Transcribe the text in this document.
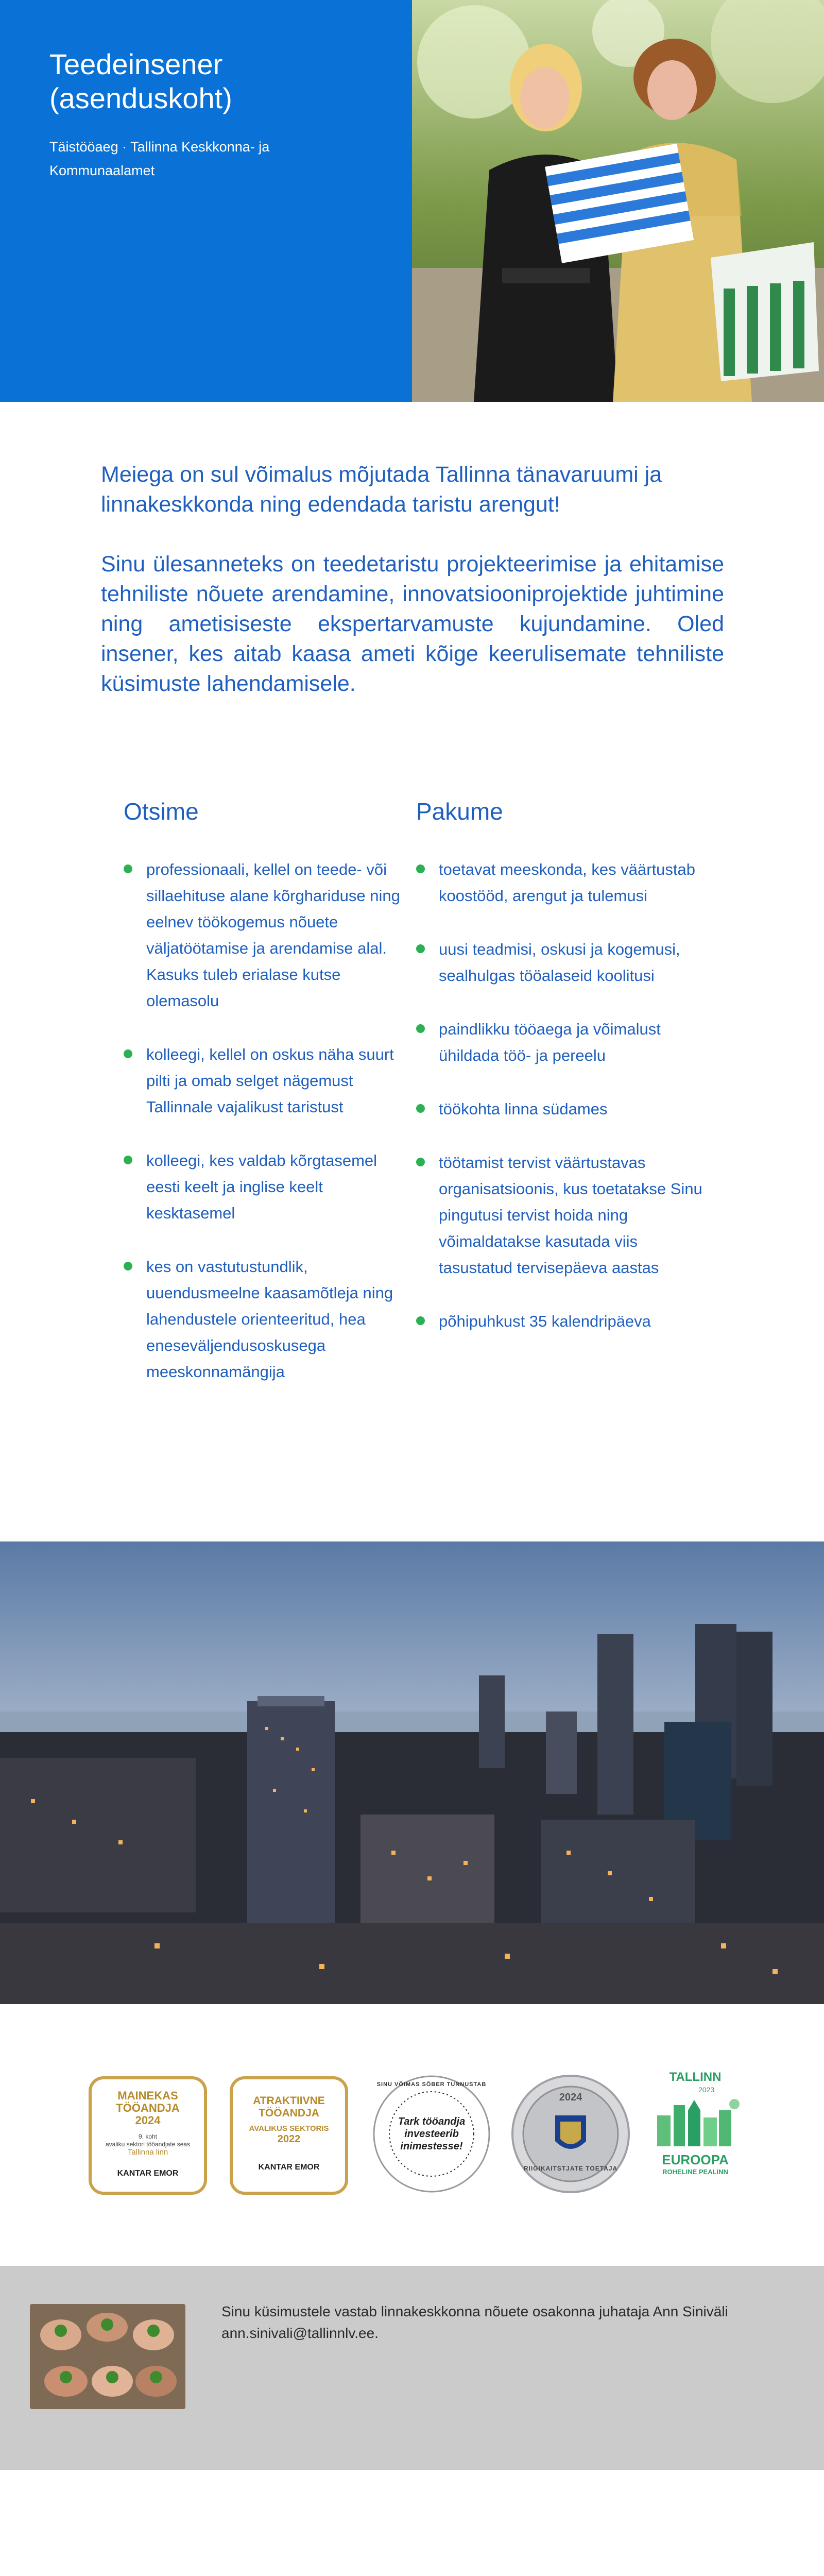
Teedeinsener (asenduskoht)
Täistööaeg · Tallinna Keskkonna- ja Kommunaalamet

Meiega on sul võimalus mõjutada Tallinna tänavaruumi ja linnakeskkonda ning edendada taristu arengut!

Sinu ülesanneteks on teedetaristu projekteerimise ja ehitamise tehniliste nõuete arendamine, innovatsiooniprojektide juhtimine ning ametisiseste ekspertarvamuste kujundamine. Oled insener, kes aitab kaasa ameti kõige keerulisemate tehniliste küsimuste lahendamisele.

Otsime
professionaali, kellel on teede- või sillaehituse alane kõrghariduse ning eelnev töökogemus nõuete väljatöötamise ja arendamise alal. Kasuks tuleb erialase kutse olemasolu
kolleegi, kellel on oskus näha suurt pilti ja omab selget nägemust Tallinnale vajalikust taristust
kolleegi, kes valdab kõrgtasemel eesti keelt ja inglise keelt kesktasemel
kes on vastutustundlik, uuendusmeelne kaasamõtleja ning lahendustele orienteeritud, hea eneseväljendusoskusega meeskonnamängija
Pakume
toetavat meeskonda, kes väärtustab koostööd, arengut ja tulemusi
uusi teadmisi, oskusi ja kogemusi, sealhulgas tööalaseid koolitusi
paindlikku tööaega ja võimalust ühildada töö- ja pereelu
töökohta linna südames
töötamist tervist väärtustavas organisatsioonis, kus toetatakse Sinu pingutusi tervist hoida ning võimaldatakse kasutada viis tasustatud tervisepäeva aastas
põhipuhkust 35 kalendripäeva
MAINEKAS
TÖÖANDJA
2024
9. koht
avaliku sektori tööandjate seas
Tallinna linn
KANTAR EMOR
ATRAKTIIVNE
TÖÖANDJA
AVALIKUS SEKTORIS
2022
KANTAR EMOR
SINU VÕIMAS SÕBER TUNNUSTAB
Tark tööandja
investeerib
inimestesse!
2024
RIIGIKAITSTJATE TOETAJA
TALLINN
2023
EUROOPA
ROHELINE PEALINN
Sinu küsimustele vastab linnakeskkonna nõuete osakonna juhataja Ann Siniväli ann.sinivali@tallinnlv.ee.
